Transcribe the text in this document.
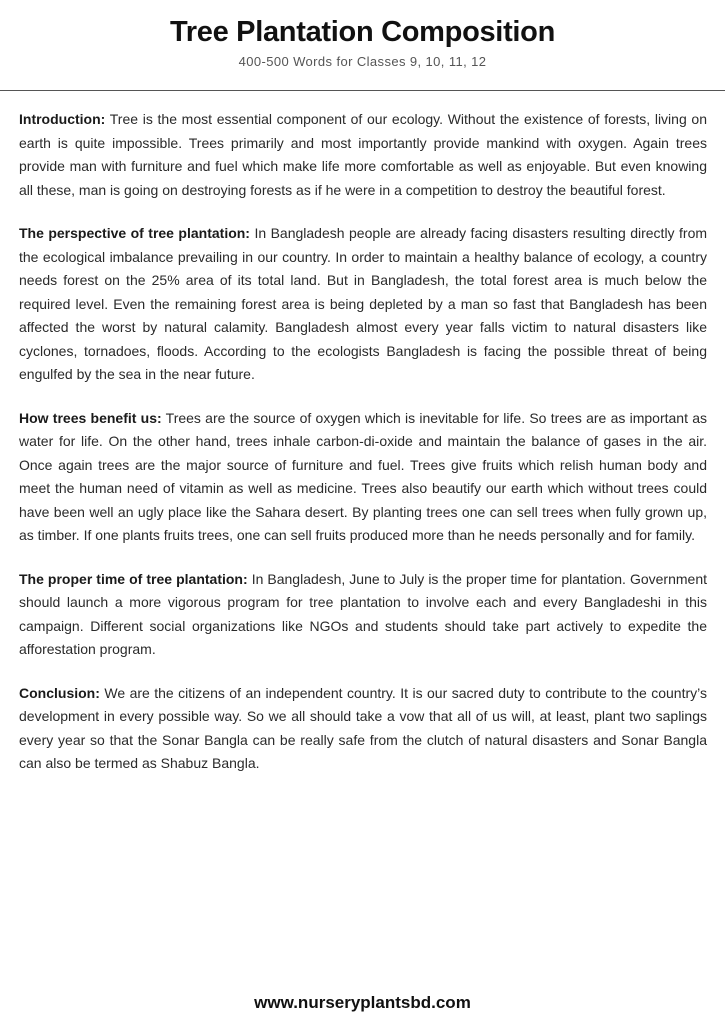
Tree Plantation Composition
400-500 Words for Classes 9, 10, 11, 12

Introduction: Tree is the most essential component of our ecology. Without the existence of forests, living on earth is quite impossible. Trees primarily and most importantly provide mankind with oxygen. Again trees provide man with furniture and fuel which make life more comfortable as well as enjoyable. But even knowing all these, man is going on destroying forests as if he were in a competition to destroy the beautiful forest.

The perspective of tree plantation: In Bangladesh people are already facing disasters resulting directly from the ecological imbalance prevailing in our country. In order to maintain a healthy balance of ecology, a country needs forest on the 25% area of its total land. But in Bangladesh, the total forest area is much below the required level. Even the remaining forest area is being depleted by a man so fast that Bangladesh has been affected the worst by natural calamity. Bangladesh almost every year falls victim to natural disasters like cyclones, tornadoes, floods. According to the ecologists Bangladesh is facing the possible threat of being engulfed by the sea in the near future.

How trees benefit us: Trees are the source of oxygen which is inevitable for life. So trees are as important as water for life. On the other hand, trees inhale carbon-di-oxide and maintain the balance of gases in the air. Once again trees are the major source of furniture and fuel. Trees give fruits which relish human body and meet the human need of vitamin as well as medicine. Trees also beautify our earth which without trees could have been well an ugly place like the Sahara desert. By planting trees one can sell trees when fully grown up, as timber. If one plants fruits trees, one can sell fruits produced more than he needs personally and for family.

The proper time of tree plantation: In Bangladesh, June to July is the proper time for plantation. Government should launch a more vigorous program for tree plantation to involve each and every Bangladeshi in this campaign. Different social organizations like NGOs and students should take part actively to expedite the afforestation program.

Conclusion: We are the citizens of an independent country. It is our sacred duty to contribute to the country’s development in every possible way. So we all should take a vow that all of us will, at least, plant two saplings every year so that the Sonar Bangla can be really safe from the clutch of natural disasters and Sonar Bangla can also be termed as Shabuz Bangla.

www.nurseryplantsbd.com
